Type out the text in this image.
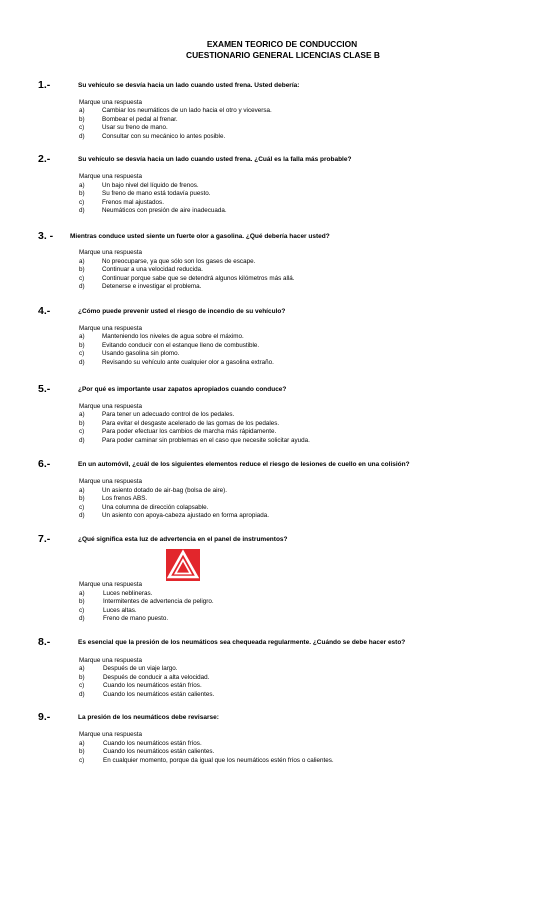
EXAMEN TEORICO DE CONDUCCION
CUESTIONARIO GENERAL LICENCIAS CLASE B
1.-	Su vehículo se desvía hacia un lado cuando usted frena. Usted debería:
Marque una respuesta
a)	Cambiar los neumáticos de un lado hacia el otro y viceversa.
b)	Bombear el pedal al frenar.
c)	Usar su freno de mano.
d)	Consultar con su mecánico lo antes posible.
2.-	Su vehículo se desvía hacia un lado cuando usted frena. ¿Cuál es la falla más probable?
Marque una respuesta
a)	Un bajo nivel del líquido de frenos.
b)	Su freno de mano está todavía puesto.
c)	Frenos mal ajustados.
d)	Neumáticos con presión de aire inadecuada.
3. -	Mientras conduce usted siente un fuerte olor a gasolina. ¿Qué debería hacer usted?
Marque una respuesta
a)	No preocuparse, ya que sólo son los gases de escape.
b)	Continuar a una velocidad reducida.
c)	Continuar porque sabe que se detendrá algunos kilómetros más allá.
d)	Detenerse e investigar el problema.
4.-	¿Cómo puede prevenir usted el riesgo de incendio de su vehículo?
Marque una respuesta
a)	Manteniendo los niveles de agua sobre el máximo.
b)	Evitando conducir con el estanque lleno de combustible.
c)	Usando gasolina sin plomo.
d)	Revisando su vehículo ante cualquier olor a gasolina extraño.
5.-	¿Por qué es importante usar zapatos apropiados cuando conduce?
Marque una respuesta
a)	Para tener un adecuado control de los pedales.
b)	Para evitar el desgaste acelerado de las gomas de los pedales.
c)	Para poder efectuar los cambios de marcha más rápidamente.
d)	Para poder caminar sin problemas en el caso que necesite solicitar ayuda.
6.-	En un automóvil, ¿cuál de los siguientes elementos reduce el riesgo de lesiones de cuello en una colisión?
Marque una respuesta
a)	Un asiento dotado de air-bag (bolsa de aire).
b)	Los frenos ABS.
c)	Una columna de dirección colapsable.
d)	Un asiento con apoya-cabeza ajustado en forma apropiada.
7.-	¿Qué significa esta luz de advertencia en el panel de instrumentos?
Marque una respuesta
a)	Luces neblineras.
b)	Intermitentes de advertencia de peligro.
c)	Luces altas.
d)	Freno de mano puesto.
8.-	Es esencial que la presión de los neumáticos sea chequeada regularmente. ¿Cuándo se debe hacer esto?
Marque una respuesta
a)	Después de un viaje largo.
b)	Después de conducir a alta velocidad.
c)	Cuando los neumáticos están fríos.
d)	Cuando los neumáticos están calientes.
9.-	La presión de los neumáticos debe revisarse:
Marque una respuesta
a)	Cuando los neumáticos están fríos.
b)	Cuando los neumáticos están calientes.
c)	En cualquier momento, porque da igual que los neumáticos estén fríos o calientes.
